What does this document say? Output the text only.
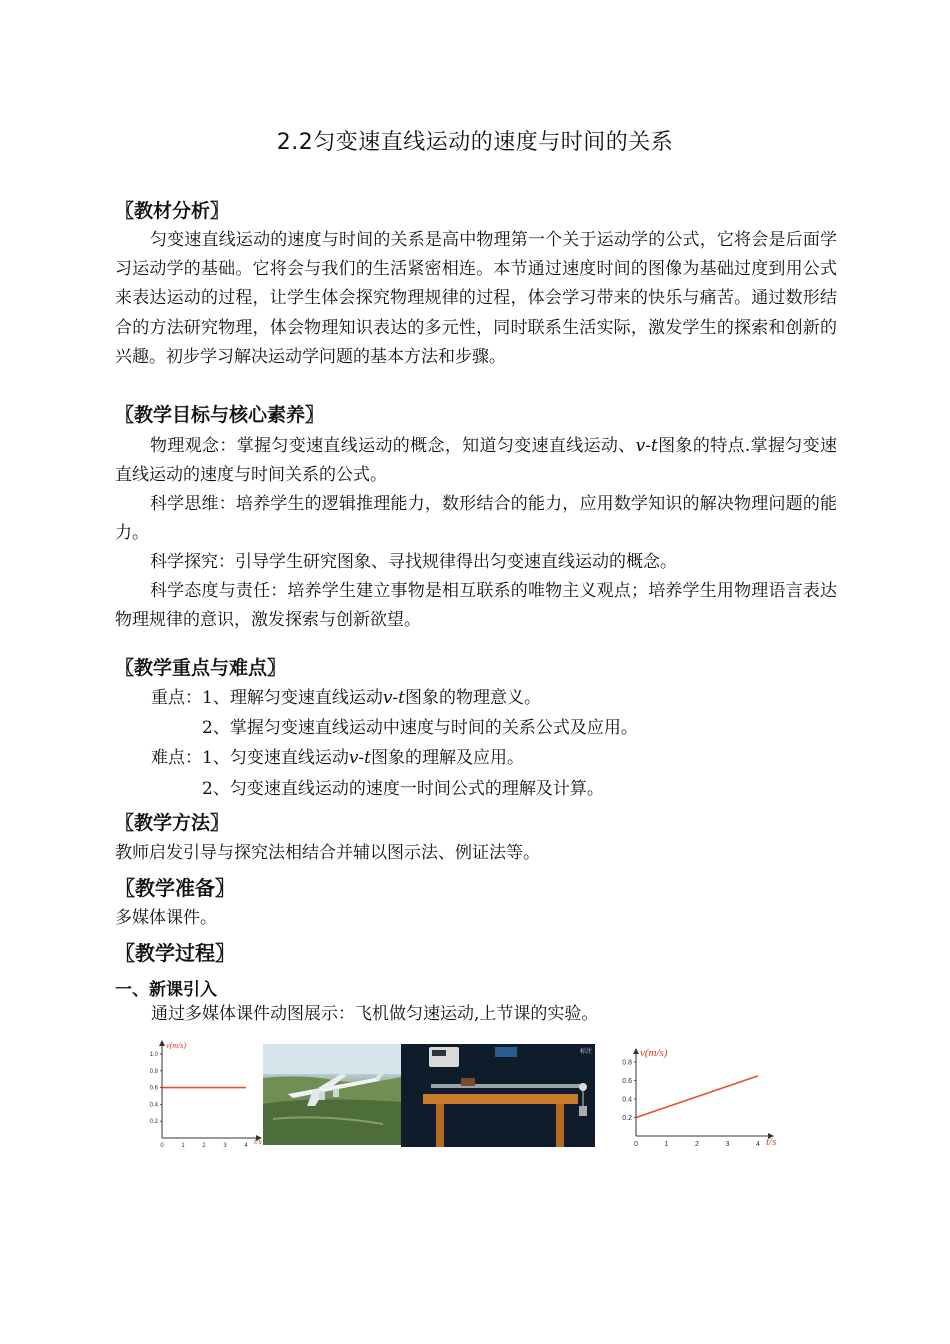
2.2匀变速直线运动的速度与时间的关系
〖教材分析〗
匀变速直线运动的速度与时间的关系是高中物理第一个关于运动学的公式，它将会是后面学习运动学的基础。它将会与我们的生活紧密相连。本节通过速度时间的图像为基础过度到用公式来表达运动的过程，让学生体会探究物理规律的过程，体会学习带来的快乐与痛苦。通过数形结合的方法研究物理，体会物理知识表达的多元性，同时联系生活实际，激发学生的探索和创新的兴趣。初步学习解决运动学问题的基本方法和步骤。
〖教学目标与核心素养〗
物理观念：掌握匀变速直线运动的概念，知道匀变速直线运动、v-t图象的特点.掌握匀变速直线运动的速度与时间关系的公式。
科学思维：培养学生的逻辑推理能力，数形结合的能力，应用数学知识的解决物理问题的能力。
科学探究：引导学生研究图象、寻找规律得出匀变速直线运动的概念。
科学态度与责任：培养学生建立事物是相互联系的唯物主义观点；培养学生用物理语言表达物理规律的意识，激发探索与创新欲望。
〖教学重点与难点〗
重点：1、理解匀变速直线运动v-t图象的物理意义。
2、掌握匀变速直线运动中速度与时间的关系公式及应用。
难点：1、匀变速直线运动v-t图象的理解及应用。
2、匀变速直线运动的速度一时间公式的理解及计算。
〖教学方法〗
教师启发引导与探究法相结合并辅以图示法、例证法等。
〖教学准备〗
多媒体课件。
〖教学过程〗
一、新课引入
通过多媒体课件动图展示：飞机做匀速运动,上节课的实验。
0	1	2	3	4
0.2
0.4
0.6
0.8
1.0
v(m/s)
t/s
标注
0	1	2	3	4
0.2
0.4
0.6
0.8
v(m/s)
t/s
